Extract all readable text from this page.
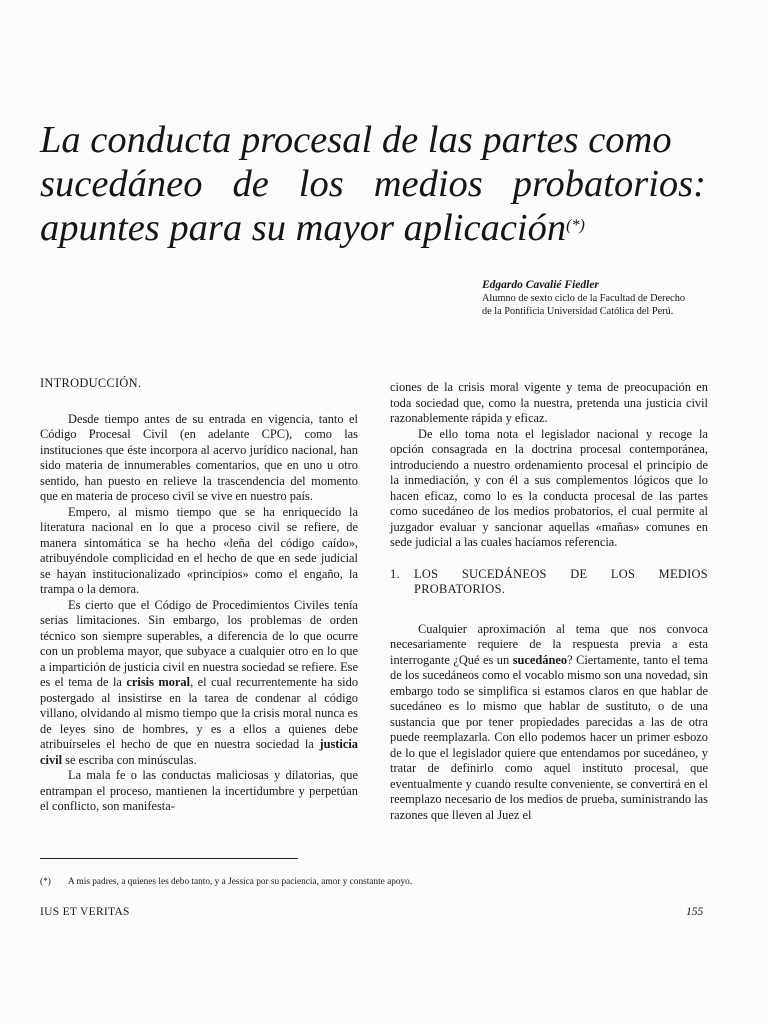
La conducta procesal de las partes como
sucedáneo de los medios probatorios:
apuntes para su mayor aplicación(*)
Edgardo Cavalié Fiedler
Alumno de sexto ciclo de la Facultad de Derecho
de la Pontificia Universidad Católica del Perú.
INTRODUCCIÓN.

Desde tiempo antes de su entrada en vigencia, tanto el Código Procesal Civil (en adelante CPC), como las instituciones que éste incorpora al acervo jurídico nacional, han sido materia de innumerables comentarios, que en uno u otro sentido, han puesto en relieve la trascendencia del momento que en materia de proceso civil se vive en nuestro país.

Empero, al mismo tiempo que se ha enriquecido la literatura nacional en lo que a proceso civil se refiere, de manera sintomática se ha hecho «leña del código caído», atribuyéndole complicidad en el hecho de que en sede judicial se hayan institucionalizado «principios» como el engaño, la trampa o la demora.

Es cierto que el Código de Procedimientos Civiles tenía serias limitaciones. Sin embargo, los problemas de orden técnico son siempre superables, a diferencia de lo que ocurre con un problema mayor, que subyace a cualquier otro en lo que a impartición de justicia civil en nuestra sociedad se refiere. Ese es el tema de la crisis moral, el cual recurrentemente ha sido postergado al insistirse en la tarea de condenar al código villano, olvidando al mismo tiempo que la crisis moral nunca es de leyes sino de hombres, y es a ellos a quienes debe atribuírseles el hecho de que en nuestra sociedad la justicia civil se escriba con minúsculas.

La mala fe o las conductas maliciosas y dilatorias, que entrampan el proceso, mantienen la incertidumbre y perpetúan el conflicto, son manifesta-

ciones de la crisis moral vigente y tema de preocupación en toda sociedad que, como la nuestra, pretenda una justicia civil razonablemente rápida y eficaz.

De ello toma nota el legislador nacional y recoge la opción consagrada en la doctrina procesal contemporánea, introduciendo a nuestro ordenamiento procesal el principio de la inmediación, y con él a sus complementos lógicos que lo hacen eficaz, como lo es la conducta procesal de las partes como sucedáneo de los medios probatorios, el cual permite al juzgador evaluar y sancionar aquellas «mañas» comunes en sede judicial a las cuales hacíamos referencia.

1.	LOS SUCEDÁNEOS DE LOS MEDIOS PROBATORIOS.

Cualquier aproximación al tema que nos convoca necesariamente requiere de la respuesta previa a esta interrogante ¿Qué es un sucedáneo? Ciertamente, tanto el tema de los sucedáneos como el vocablo mismo son una novedad, sin embargo todo se simplifica si estamos claros en que hablar de sucedáneo es lo mismo que hablar de sustituto, o de una sustancia que por tener propiedades parecidas a las de otra puede reemplazarla. Con ello podemos hacer un primer esbozo de lo que el legislador quiere que entendamos por sucedáneo, y tratar de definirlo como aquel instituto procesal, que eventualmente y cuando resulte conveniente, se convertirá en el reemplazo necesario de los medios de prueba, suministrando las razones que lleven al Juez el

(*) A mis padres, a quienes les debo tanto, y a Jessica por su paciencia, amor y constante apoyo.
IUS ET VERITAS	155
